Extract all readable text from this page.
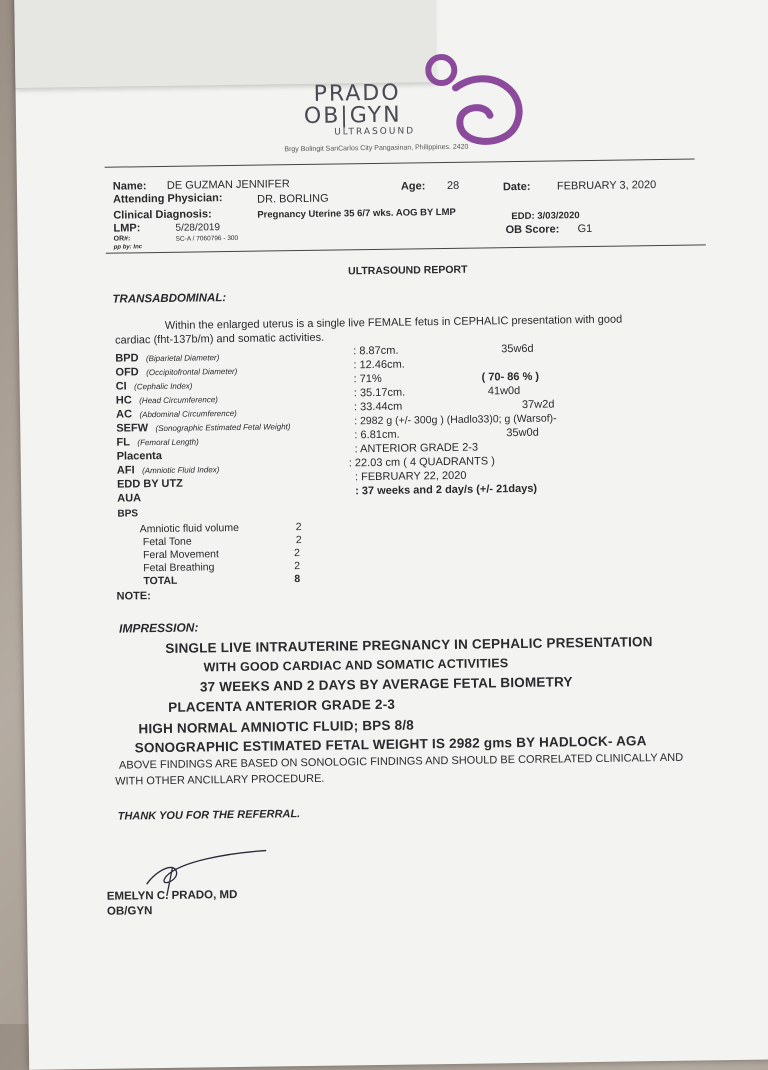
PRADO
OB|GYN
ULTRASOUND
Brgy Bolingit SanCarlos City Pangasinan, Philippines. 2420
Name: DE GUZMAN JENNIFER	Age: 28	Date: FEBRUARY 3, 2020
Attending Physician:	DR. BORLING
Clinical Diagnosis:	Pregnancy Uterine 35 6/7 wks. AOG BY LMP	EDD: 3/03/2020
LMP:	5/28/2019	OB Score: G1
OR#:	SC-A / 7060796 - 300
pp by: Inc
ULTRASOUND REPORT
TRANSABDOMINAL:
Within the enlarged uterus is a single live FEMALE fetus in CEPHALIC presentation with good
cardiac (fht-137b/m) and somatic activities.
BPD (Biparietal Diameter)
: 8.87cm.	35w6d
OFD (Occipitofrontal Diameter)
: 12.46cm.
CI (Cephalic Index)
: 71%	( 70- 86 % )
HC (Head Circumference)
: 35.17cm.	41w0d
AC (Abdominal Circumference)
: 33.44cm	37w2d
SEFW (Sonographic Estimated Fetal Weight)
: 2982 g (+/- 300g ) (Hadlo33)0; g (Warsof)-
FL (Femoral Length)
: 6.81cm.	35w0d
Placenta
: ANTERIOR GRADE 2-3
AFI (Amniotic Fluid Index)
: 22.03 cm ( 4 QUADRANTS )
EDD BY UTZ
: FEBRUARY 22, 2020
AUA
: 37 weeks and 2 day/s (+/- 21days)
BPS
Amniotic fluid volume	2
Fetal Tone	2
Feral Movement	2
Fetal Breathing	2
TOTAL	8
NOTE:
IMPRESSION:
SINGLE LIVE INTRAUTERINE PREGNANCY IN CEPHALIC PRESENTATION
WITH GOOD CARDIAC AND SOMATIC ACTIVITIES
37 WEEKS AND 2 DAYS BY AVERAGE FETAL BIOMETRY
PLACENTA ANTERIOR GRADE 2-3
HIGH NORMAL AMNIOTIC FLUID; BPS 8/8
SONOGRAPHIC ESTIMATED FETAL WEIGHT IS 2982 gms BY HADLOCK- AGA
ABOVE FINDINGS ARE BASED ON SONOLOGIC FINDINGS AND SHOULD BE CORRELATED CLINICALLY AND
WITH OTHER ANCILLARY PROCEDURE.
THANK YOU FOR THE REFERRAL.
EMELYN C. PRADO, MD
OB/GYN
